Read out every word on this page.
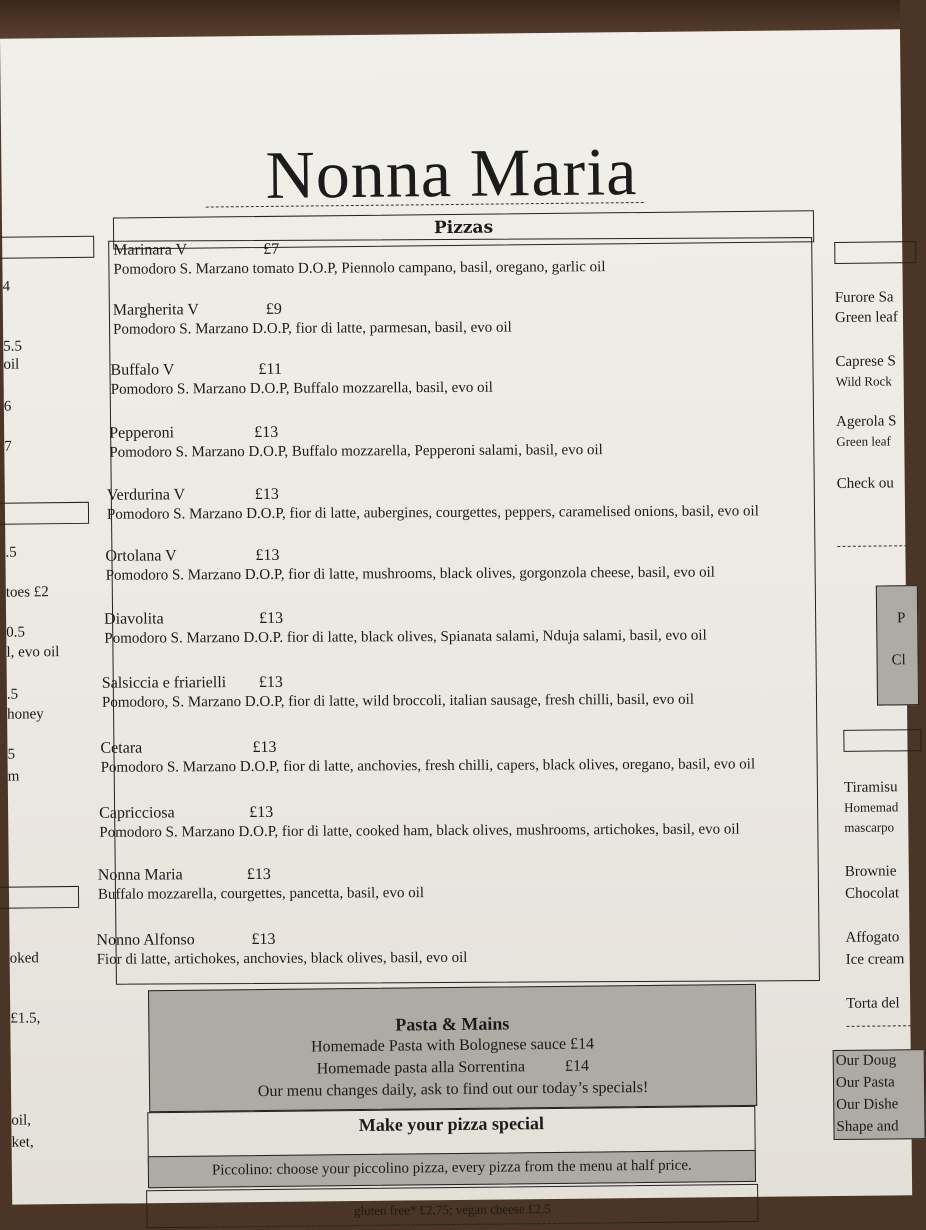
Nonna Maria
Pizzas
Marinara V	£7
Pomodoro S. Marzano tomato D.O.P, Piennolo campano, basil, oregano, garlic oil
Margherita V	£9
Pomodoro S. Marzano D.O.P, fior di latte, parmesan, basil, evo oil
Buffalo V	£11
Pomodoro S. Marzano D.O.P, Buffalo mozzarella, basil, evo oil
Pepperoni	£13
Pomodoro S. Marzano D.O.P, Buffalo mozzarella, Pepperoni salami, basil, evo oil
Verdurina V	£13
Pomodoro S. Marzano D.O.P, fior di latte, aubergines, courgettes, peppers, caramelised onions, basil, evo oil
Ortolana V	£13
Pomodoro S. Marzano D.O.P, fior di latte, mushrooms, black olives, gorgonzola cheese, basil, evo oil
Diavolita	£13
Pomodoro S. Marzano D.O.P. fior di latte, black olives, Spianata salami, Nduja salami, basil, evo oil
Salsiccia e friarielli £13
Pomodoro, S. Marzano D.O.P, fior di latte, wild broccoli, italian sausage, fresh chilli, basil, evo oil
Cetara	£13
Pomodoro S. Marzano D.O.P, fior di latte, anchovies, fresh chilli, capers, black olives, oregano, basil, evo oil
Capricciosa	£13
Pomodoro S. Marzano D.O.P, fior di latte, cooked ham, black olives, mushrooms, artichokes, basil, evo oil
Nonna Maria	£13
Buffalo mozzarella, courgettes, pancetta, basil, evo oil
Nonno Alfonso	£13
Fior di latte, artichokes, anchovies, black olives, basil, evo oil
Pasta & Mains
Homemade Pasta with Bolognese sauce £14
Homemade pasta alla Sorrentina          £14
Our menu changes daily, ask to find out our today’s specials!
Make your pizza special
Piccolino: choose your piccolino pizza, every pizza from the menu at half price.
gluten free* £2.75; vegan cheese £2.5
4
5.5
oil
6
7
.5
toes £2
0.5
l, evo oil
.5
honey
5
m
oked
£1.5,
oil,
ket,
Furore Sa
Green leaf
Caprese S
Wild Rock
Agerola S
Green leaf
Check ou
P
Cl
Tiramisu
Homemad
mascarpo
Brownie
Chocolat
Affogato
Ice cream
Torta del
Our Doug
Our Pasta
Our Dishe
Shape and
